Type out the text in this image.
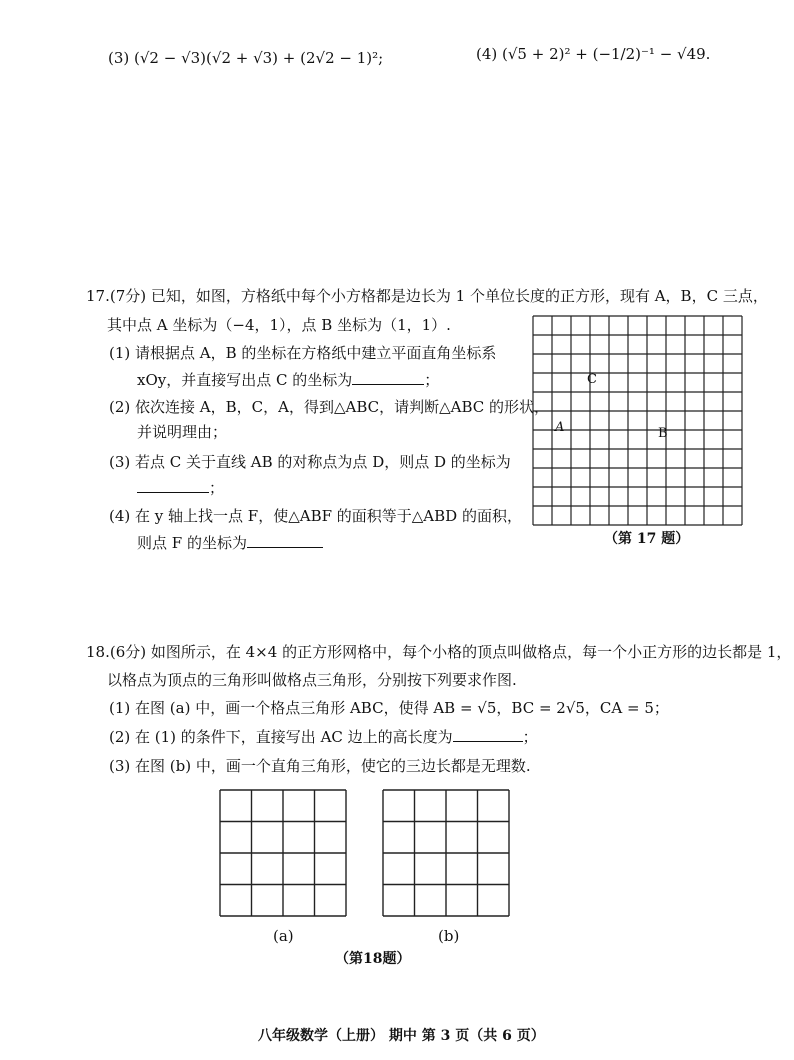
(3) (√2 − √3)(√2 + √3) + (2√2 − 1)²;	(4) (√5 + 2)² + (−1/2)⁻¹ − √49.
17.(7分) 已知，如图，方格纸中每个小方格都是边长为 1 个单位长度的正方形，现有 A，B，C 三点，
其中点 A 坐标为（−4，1），点 B 坐标为（1，1）.
(1) 请根据点 A，B 的坐标在方格纸中建立平面直角坐标系
xOy，并直接写出点 C 的坐标为	；
(2) 依次连接 A，B，C，A，得到△ABC，请判断△ABC 的形状，
并说明理由；
(3) 若点 C 关于直线 AB 的对称点为点 D，则点 D 的坐标为
；
(4) 在 y 轴上找一点 F，使△ABF 的面积等于△ABD 的面积，
则点 F 的坐标为
A	B
C
（第 17 题）
18.(6分) 如图所示，在 4×4 的正方形网格中，每个小格的顶点叫做格点，每一个小正方形的边长都是 1，
以格点为顶点的三角形叫做格点三角形，分别按下列要求作图.
(1) 在图 (a) 中，画一个格点三角形 ABC，使得 AB = √5，BC = 2√5，CA = 5；
(2) 在 (1) 的条件下，直接写出 AC 边上的高长度为	；
(3) 在图 (b) 中，画一个直角三角形，使它的三边长都是无理数.
(a)	(b)
（第18题）
八年级数学（上册） 期中 第 3 页（共 6 页）
